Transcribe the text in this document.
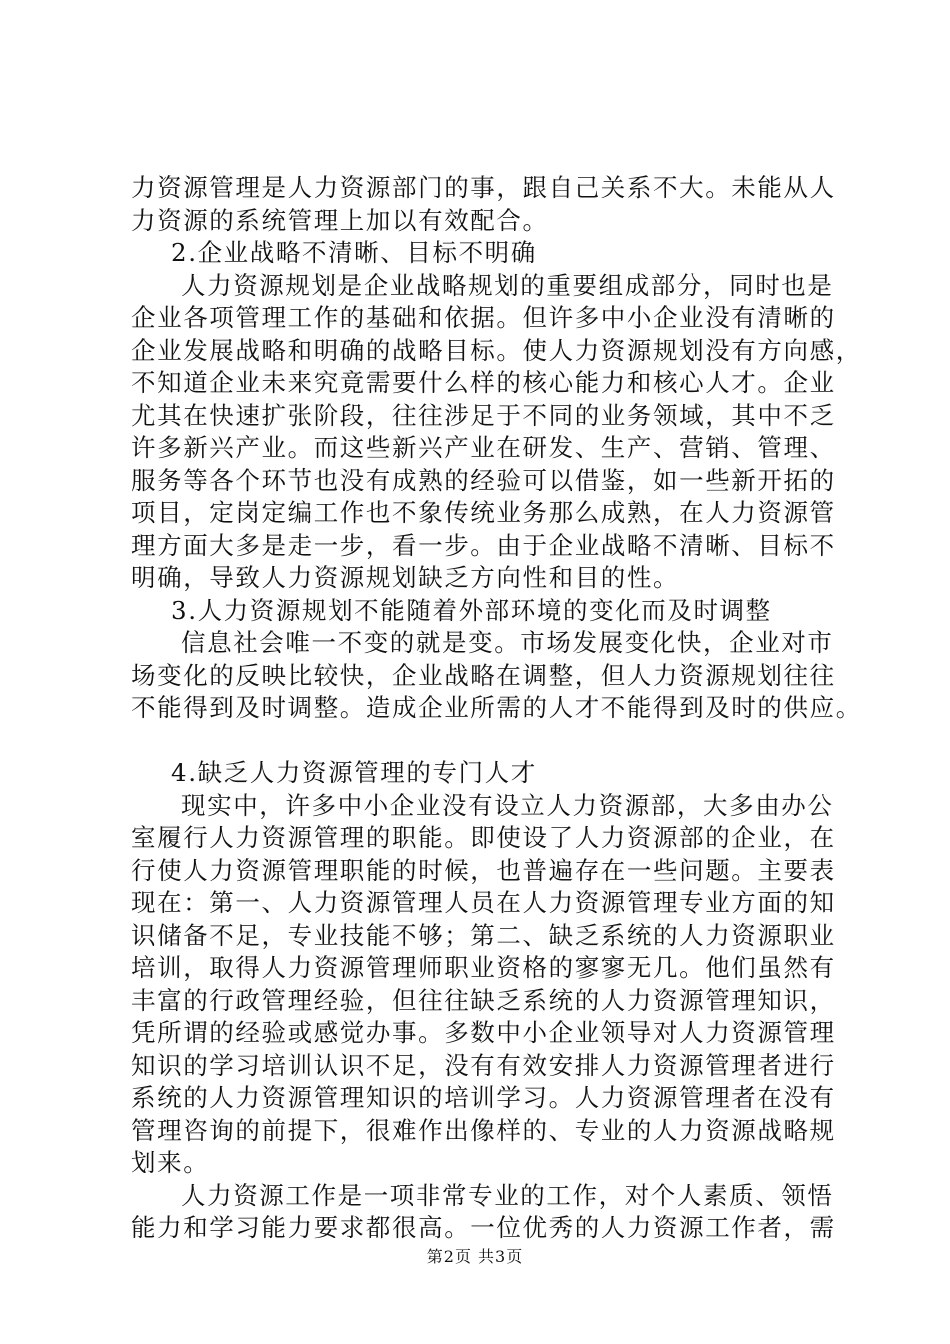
力资源管理是人力资源部门的事，跟自己关系不大。未能从人
力资源的系统管理上加以有效配合。
2.企业战略不清晰、目标不明确
人力资源规划是企业战略规划的重要组成部分，同时也是
企业各项管理工作的基础和依据。但许多中小企业没有清晰的
企业发展战略和明确的战略目标。使人力资源规划没有方向感，
不知道企业未来究竟需要什么样的核心能力和核心人才。企业
尤其在快速扩张阶段，往往涉足于不同的业务领域，其中不乏
许多新兴产业。而这些新兴产业在研发、生产、营销、管理、
服务等各个环节也没有成熟的经验可以借鉴，如一些新开拓的
项目，定岗定编工作也不象传统业务那么成熟，在人力资源管
理方面大多是走一步，看一步。由于企业战略不清晰、目标不
明确，导致人力资源规划缺乏方向性和目的性。
3.人力资源规划不能随着外部环境的变化而及时调整
信息社会唯一不变的就是变。市场发展变化快，企业对市
场变化的反映比较快，企业战略在调整，但人力资源规划往往
不能得到及时调整。造成企业所需的人才不能得到及时的供应。
4.缺乏人力资源管理的专门人才
现实中，许多中小企业没有设立人力资源部，大多由办公
室履行人力资源管理的职能。即使设了人力资源部的企业，在
行使人力资源管理职能的时候，也普遍存在一些问题。主要表
现在：第一、人力资源管理人员在人力资源管理专业方面的知
识储备不足，专业技能不够；第二、缺乏系统的人力资源职业
培训，取得人力资源管理师职业资格的寥寥无几。他们虽然有
丰富的行政管理经验，但往往缺乏系统的人力资源管理知识，
凭所谓的经验或感觉办事。多数中小企业领导对人力资源管理
知识的学习培训认识不足，没有有效安排人力资源管理者进行
系统的人力资源管理知识的培训学习。人力资源管理者在没有
管理咨询的前提下，很难作出像样的、专业的人力资源战略规
划来。
人力资源工作是一项非常专业的工作，对个人素质、领悟
能力和学习能力要求都很高。一位优秀的人力资源工作者，需
第2页 共3页
